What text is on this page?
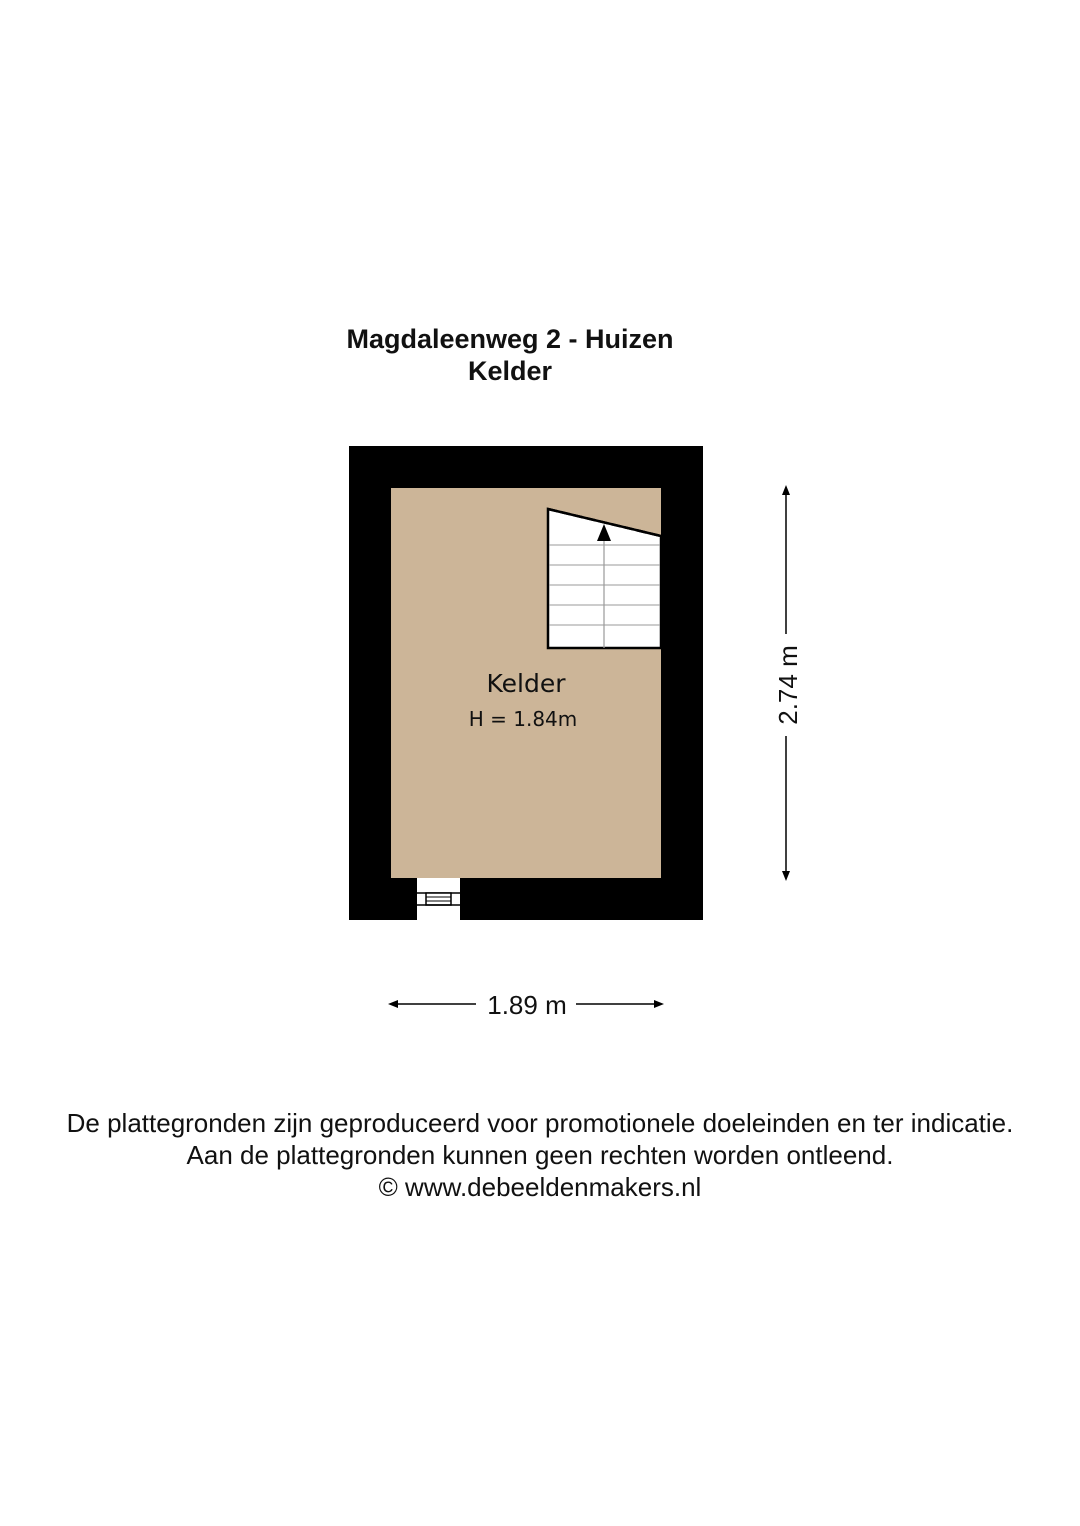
Magdaleenweg 2 - Huizen
Kelder
Kelder
H = 1.84m	2.74 m
1.89 m
De plattegronden zijn geproduceerd voor promotionele doeleinden en ter indicatie.
Aan de plattegronden kunnen geen rechten worden ontleend.
© www.debeeldenmakers.nl
